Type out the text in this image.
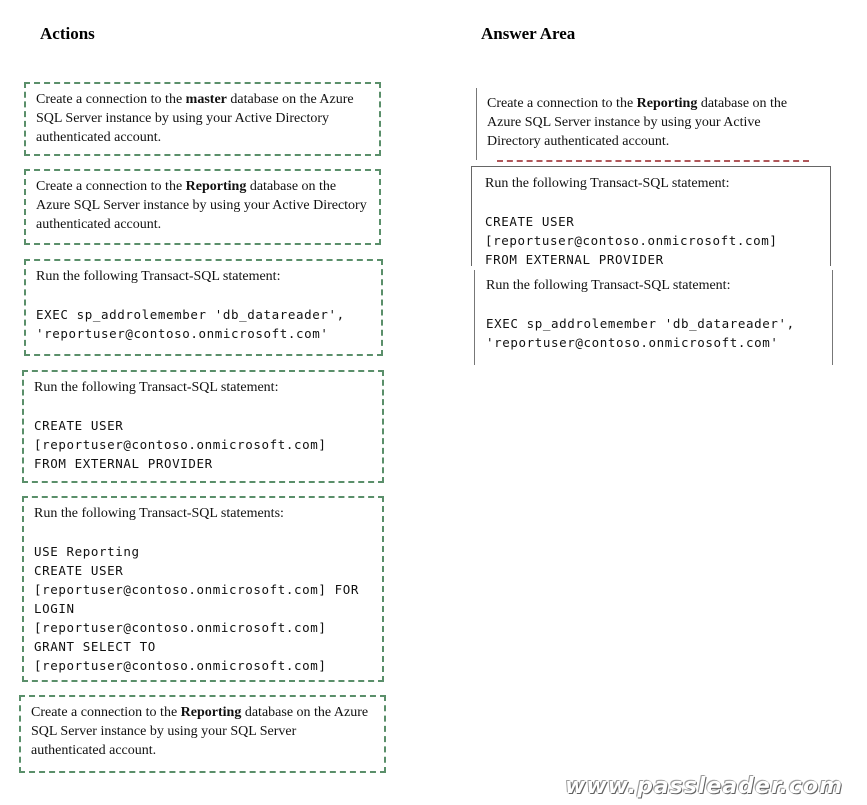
Actions	Answer Area
Create a connection to the master database on the Azure SQL Server instance by using your Active Directory authenticated account.
Create a connection to the Reporting database on the Azure SQL Server instance by using your Active Directory authenticated account.
Run the following Transact-SQL statement:
EXEC sp_addrolemember 'db_datareader',
'reportuser@contoso.onmicrosoft.com'
Run the following Transact-SQL statement:
CREATE USER
[reportuser@contoso.onmicrosoft.com]
FROM EXTERNAL PROVIDER
Run the following Transact-SQL statements:
USE Reporting
CREATE USER
[reportuser@contoso.onmicrosoft.com] FOR
LOGIN
[reportuser@contoso.onmicrosoft.com]
GRANT SELECT TO
[reportuser@contoso.onmicrosoft.com]
Create a connection to the Reporting database on the Azure SQL Server instance by using your SQL Server authenticated account.
Create a connection to the Reporting database on the Azure SQL Server instance by using your Active Directory authenticated account.
Run the following Transact-SQL statement:
CREATE USER
[reportuser@contoso.onmicrosoft.com]
FROM EXTERNAL PROVIDER
Run the following Transact-SQL statement:
EXEC sp_addrolemember 'db_datareader',
'reportuser@contoso.onmicrosoft.com'
www.passleader.com
